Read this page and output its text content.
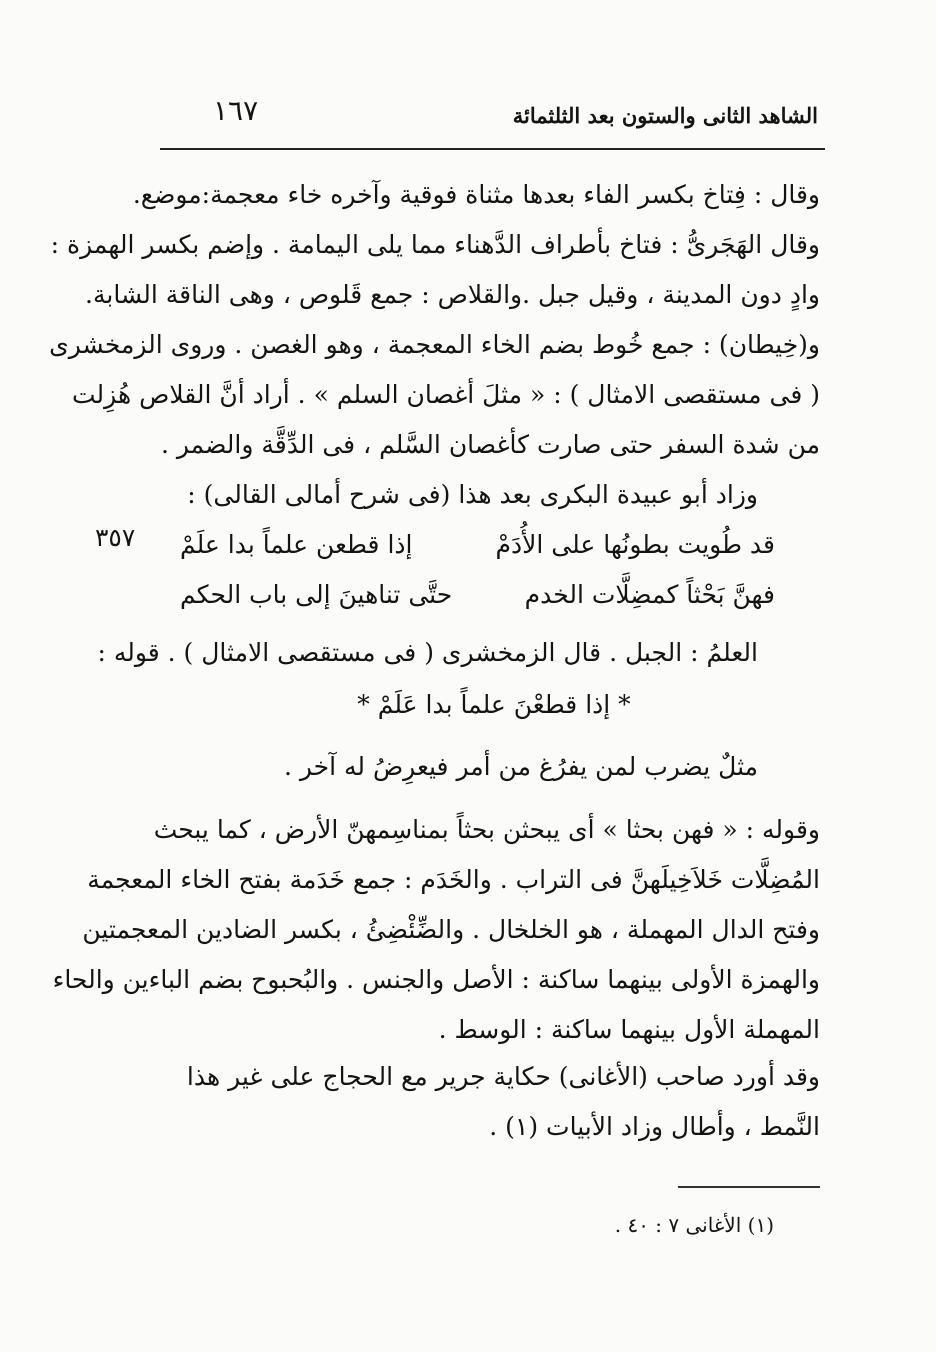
الشاهد الثانى والستون بعد الثلثمائة
١٦٧
وقال : فِتاخ بكسر الفاء بعدها مثناة فوقية وآخره خاء معجمة:موضع.
وقال الهَجَرىُّ : فتاخ بأطراف الدَّهناء مما يلى اليمامة . وإضم بكسر الهمزة :
وادٍ دون المدينة ، وقيل جبل .والقلاص : جمع قَلوص ، وهى الناقة الشابة.
و(خِيطان) : جمع خُوط بضم الخاء المعجمة ، وهو الغصن . وروى الزمخشرى
( فى مستقصى الامثال ) : « مثلَ أغصان السلم » . أراد أنَّ القلاص هُزِلت
من شدة السفر حتى صارت كأغصان السَّلم ، فى الدِّقَّة والضمر .
وزاد أبو عبيدة البكرى بعد هذا (فى شرح أمالى القالى) :
٣٥٧	قد طُويت بطونُها على الأُدَمْ
إذا قطعن علماً بدا علَمْ
فهنَّ بَحْثاً كمضِلَّات الخدم
حتَّى تناهينَ إلى باب الحكم
العلمُ : الجبل . قال الزمخشرى ( فى مستقصى الامثال ) . قوله :
* إذا قطعْنَ علماً بدا عَلَمْ *
مثلٌ يضرب لمن يفرُغ من أمر فيعرِضُ له آخر .
وقوله : « فهن بحثا » أى يبحثن بحثاً بمناسِمهنّ الأرض ، كما يبحث
المُضِلَّات خَلاَخِيلَهنَّ فى التراب . والخَدَم : جمع خَدَمة بفتح الخاء المعجمة
وفتح الدال المهملة ، هو الخلخال . والضِّئْضِئُ ، بكسر الضادين المعجمتين
والهمزة الأولى بينهما ساكنة : الأصل والجنس . والبُحبوح بضم الباءين والحاء
المهملة الأول بينهما ساكنة : الوسط .
وقد أورد صاحب (الأغانى) حكاية جرير مع الحجاج على غير هذا
النَّمط ، وأطال وزاد الأبيات (١) .
(١) الأغانى ٧ : ٤٠ .
